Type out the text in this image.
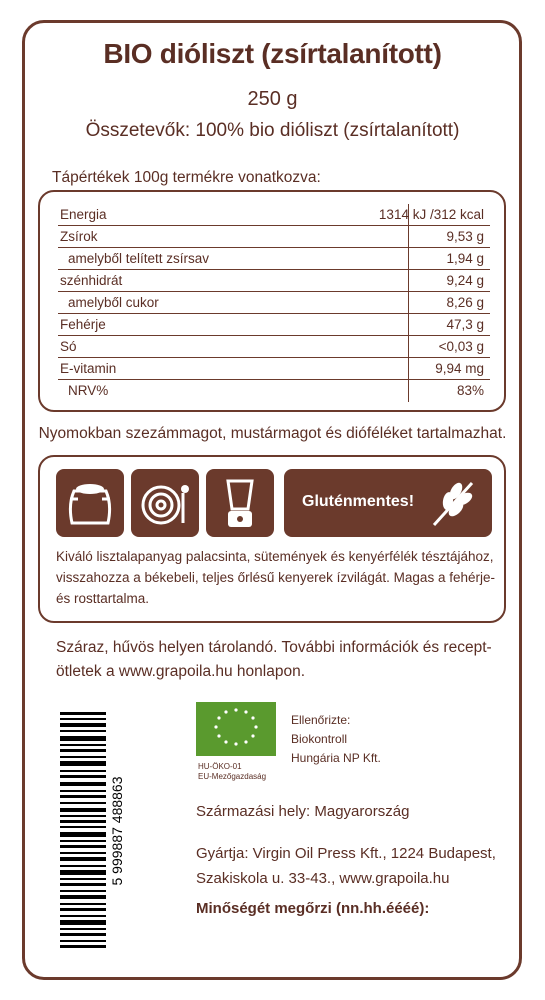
BIO dióliszt (zsírtalanított)
250 g
Összetevők: 100% bio dióliszt (zsírtalanított)
Tápértékek 100g termékre vonatkozva:
Energia	1314 kJ /312 kcal
Zsírok	9,53 g
amelyből telített zsírsav	1,94 g
szénhidrát	9,24 g
amelyből cukor	8,26 g
Fehérje	47,3 g
Só	<0,03 g
E-vitamin	9,94 mg
NRV%	83%
Nyomokban szezámmagot, mustármagot és dióféléket tartalmazhat.
Gluténmentes!
Kiváló lisztalapanyag palacsinta, sütemények és kenyérfélék tésztájához,
visszahozza a békebeli, teljes őrlésű kenyerek ízvilágát. Magas a fehérje-
és rosttartalma.
Száraz, hűvös helyen tárolandó. További információk és recept-
ötletek a www.grapoila.hu honlapon.
5 999887 488863
HU-ÖKO-01
EU-Mezőgazdaság
Ellenőrizte:
Biokontroll
Hungária NP Kft.
Származási hely: Magyarország
Gyártja: Virgin Oil Press Kft., 1224 Budapest,
Szakiskola u. 33-43., www.grapoila.hu
Minőségét megőrzi (nn.hh.éééé):
